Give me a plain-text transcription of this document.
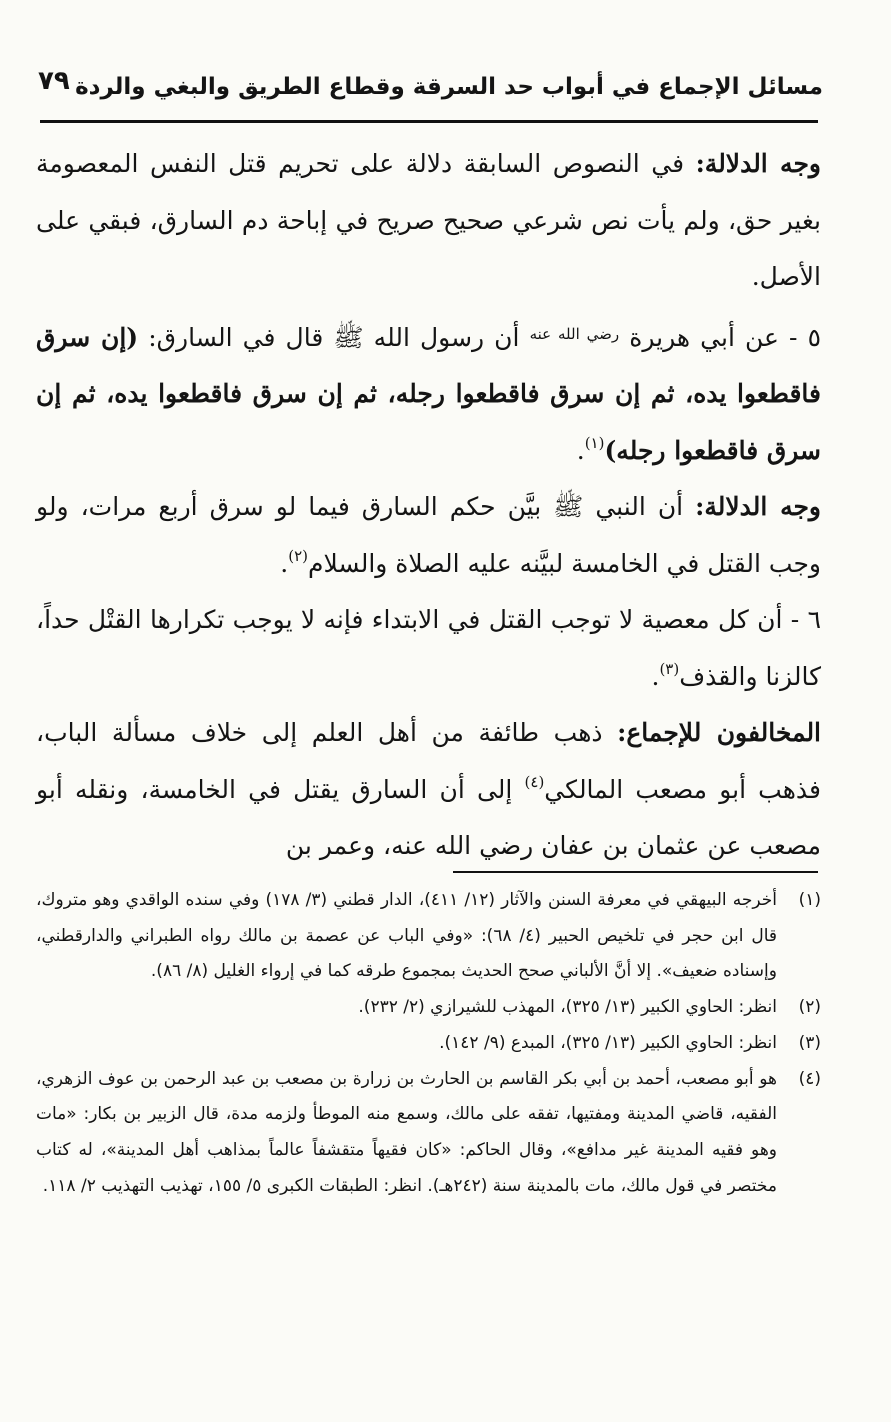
مسائل الإجماع في أبواب حد السرقة وقطاع الطريق والبغي والردة
٧٩

وجه الدلالة: في النصوص السابقة دلالة على تحريم قتل النفس المعصومة بغير حق، ولم يأت نص شرعي صحيح صريح في إباحة دم السارق، فبقي على الأصل.

٥ - عن أبي هريرة $^{رضي الله عنه}$ أن رسول الله ﷺ قال في السارق: (إن سرق فاقطعوا يده، ثم إن سرق فاقطعوا رجله، ثم إن سرق فاقطعوا يده، ثم إن سرق فاقطعوا رجله)$^{(١)}$.

وجه الدلالة: أن النبي ﷺ بيَّن حكم السارق فيما لو سرق أربع مرات، ولو وجب القتل في الخامسة لبيَّنه عليه الصلاة والسلام$^{(٢)}$.

٦ - أن كل معصية لا توجب القتل في الابتداء فإنه لا يوجب تكرارها القتْل حداً، كالزنا والقذف$^{(٣)}$.

المخالفون للإجماع: ذهب طائفة من أهل العلم إلى خلاف مسألة الباب، فذهب أبو مصعب المالكي$^{(٤)}$ إلى أن السارق يقتل في الخامسة، ونقله أبو مصعب عن عثمان بن عفان رضي الله عنه، وعمر بن

(١)
أخرجه البيهقي في معرفة السنن والآثار (١٢/ ٤١١)، الدار قطني (٣/ ١٧٨) وفي سنده الواقدي وهو متروك، قال ابن حجر في تلخيص الحبير (٤/ ٦٨): «وفي الباب عن عصمة بن مالك رواه الطبراني والدارقطني، وإسناده ضعيف». إلا أنَّ الألباني صحح الحديث بمجموع طرقه كما في إرواء الغليل (٨/ ٨٦).

(٢)
انظر: الحاوي الكبير (١٣/ ٣٢٥)، المهذب للشيرازي (٢/ ٢٣٢).

(٣)
انظر: الحاوي الكبير (١٣/ ٣٢٥)، المبدع (٩/ ١٤٢).

(٤)
هو أبو مصعب، أحمد بن أبي بكر القاسم بن الحارث بن زرارة بن مصعب بن عبد الرحمن بن عوف الزهري، الفقيه، قاضي المدينة ومفتيها، تفقه على مالك، وسمع منه الموطأ ولزمه مدة، قال الزبير بن بكار: «مات وهو فقيه المدينة غير مدافع»، وقال الحاكم: «كان فقيهاً متقشفاً عالماً بمذاهب أهل المدينة»، له كتاب مختصر في قول مالك، مات بالمدينة سنة (٢٤٢هـ). انظر: الطبقات الكبرى ٥/ ١٥٥، تهذيب التهذيب ٢/ ١١٨.
